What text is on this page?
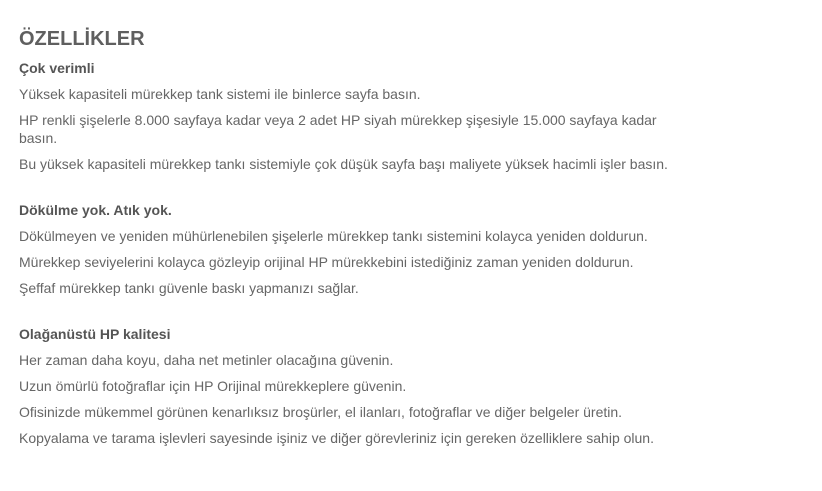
ÖZELLİKLER
Çok verimli

Yüksek kapasiteli mürekkep tank sistemi ile binlerce sayfa basın.

HP renkli şişelerle 8.000 sayfaya kadar veya 2 adet HP siyah mürekkep şişesiyle 15.000 sayfaya kadar basın.

Bu yüksek kapasiteli mürekkep tankı sistemiyle çok düşük sayfa başı maliyete yüksek hacimli işler basın.

Dökülme yok. Atık yok.

Dökülmeyen ve yeniden mühürlenebilen şişelerle mürekkep tankı sistemini kolayca yeniden doldurun.

Mürekkep seviyelerini kolayca gözleyip orijinal HP mürekkebini istediğiniz zaman yeniden doldurun.

Şeffaf mürekkep tankı güvenle baskı yapmanızı sağlar.

Olağanüstü HP kalitesi

Her zaman daha koyu, daha net metinler olacağına güvenin.

Uzun ömürlü fotoğraflar için HP Orijinal mürekkeplere güvenin.

Ofisinizde mükemmel görünen kenarlıksız broşürler, el ilanları, fotoğraflar ve diğer belgeler üretin.

Kopyalama ve tarama işlevleri sayesinde işiniz ve diğer görevleriniz için gereken özelliklere sahip olun.
